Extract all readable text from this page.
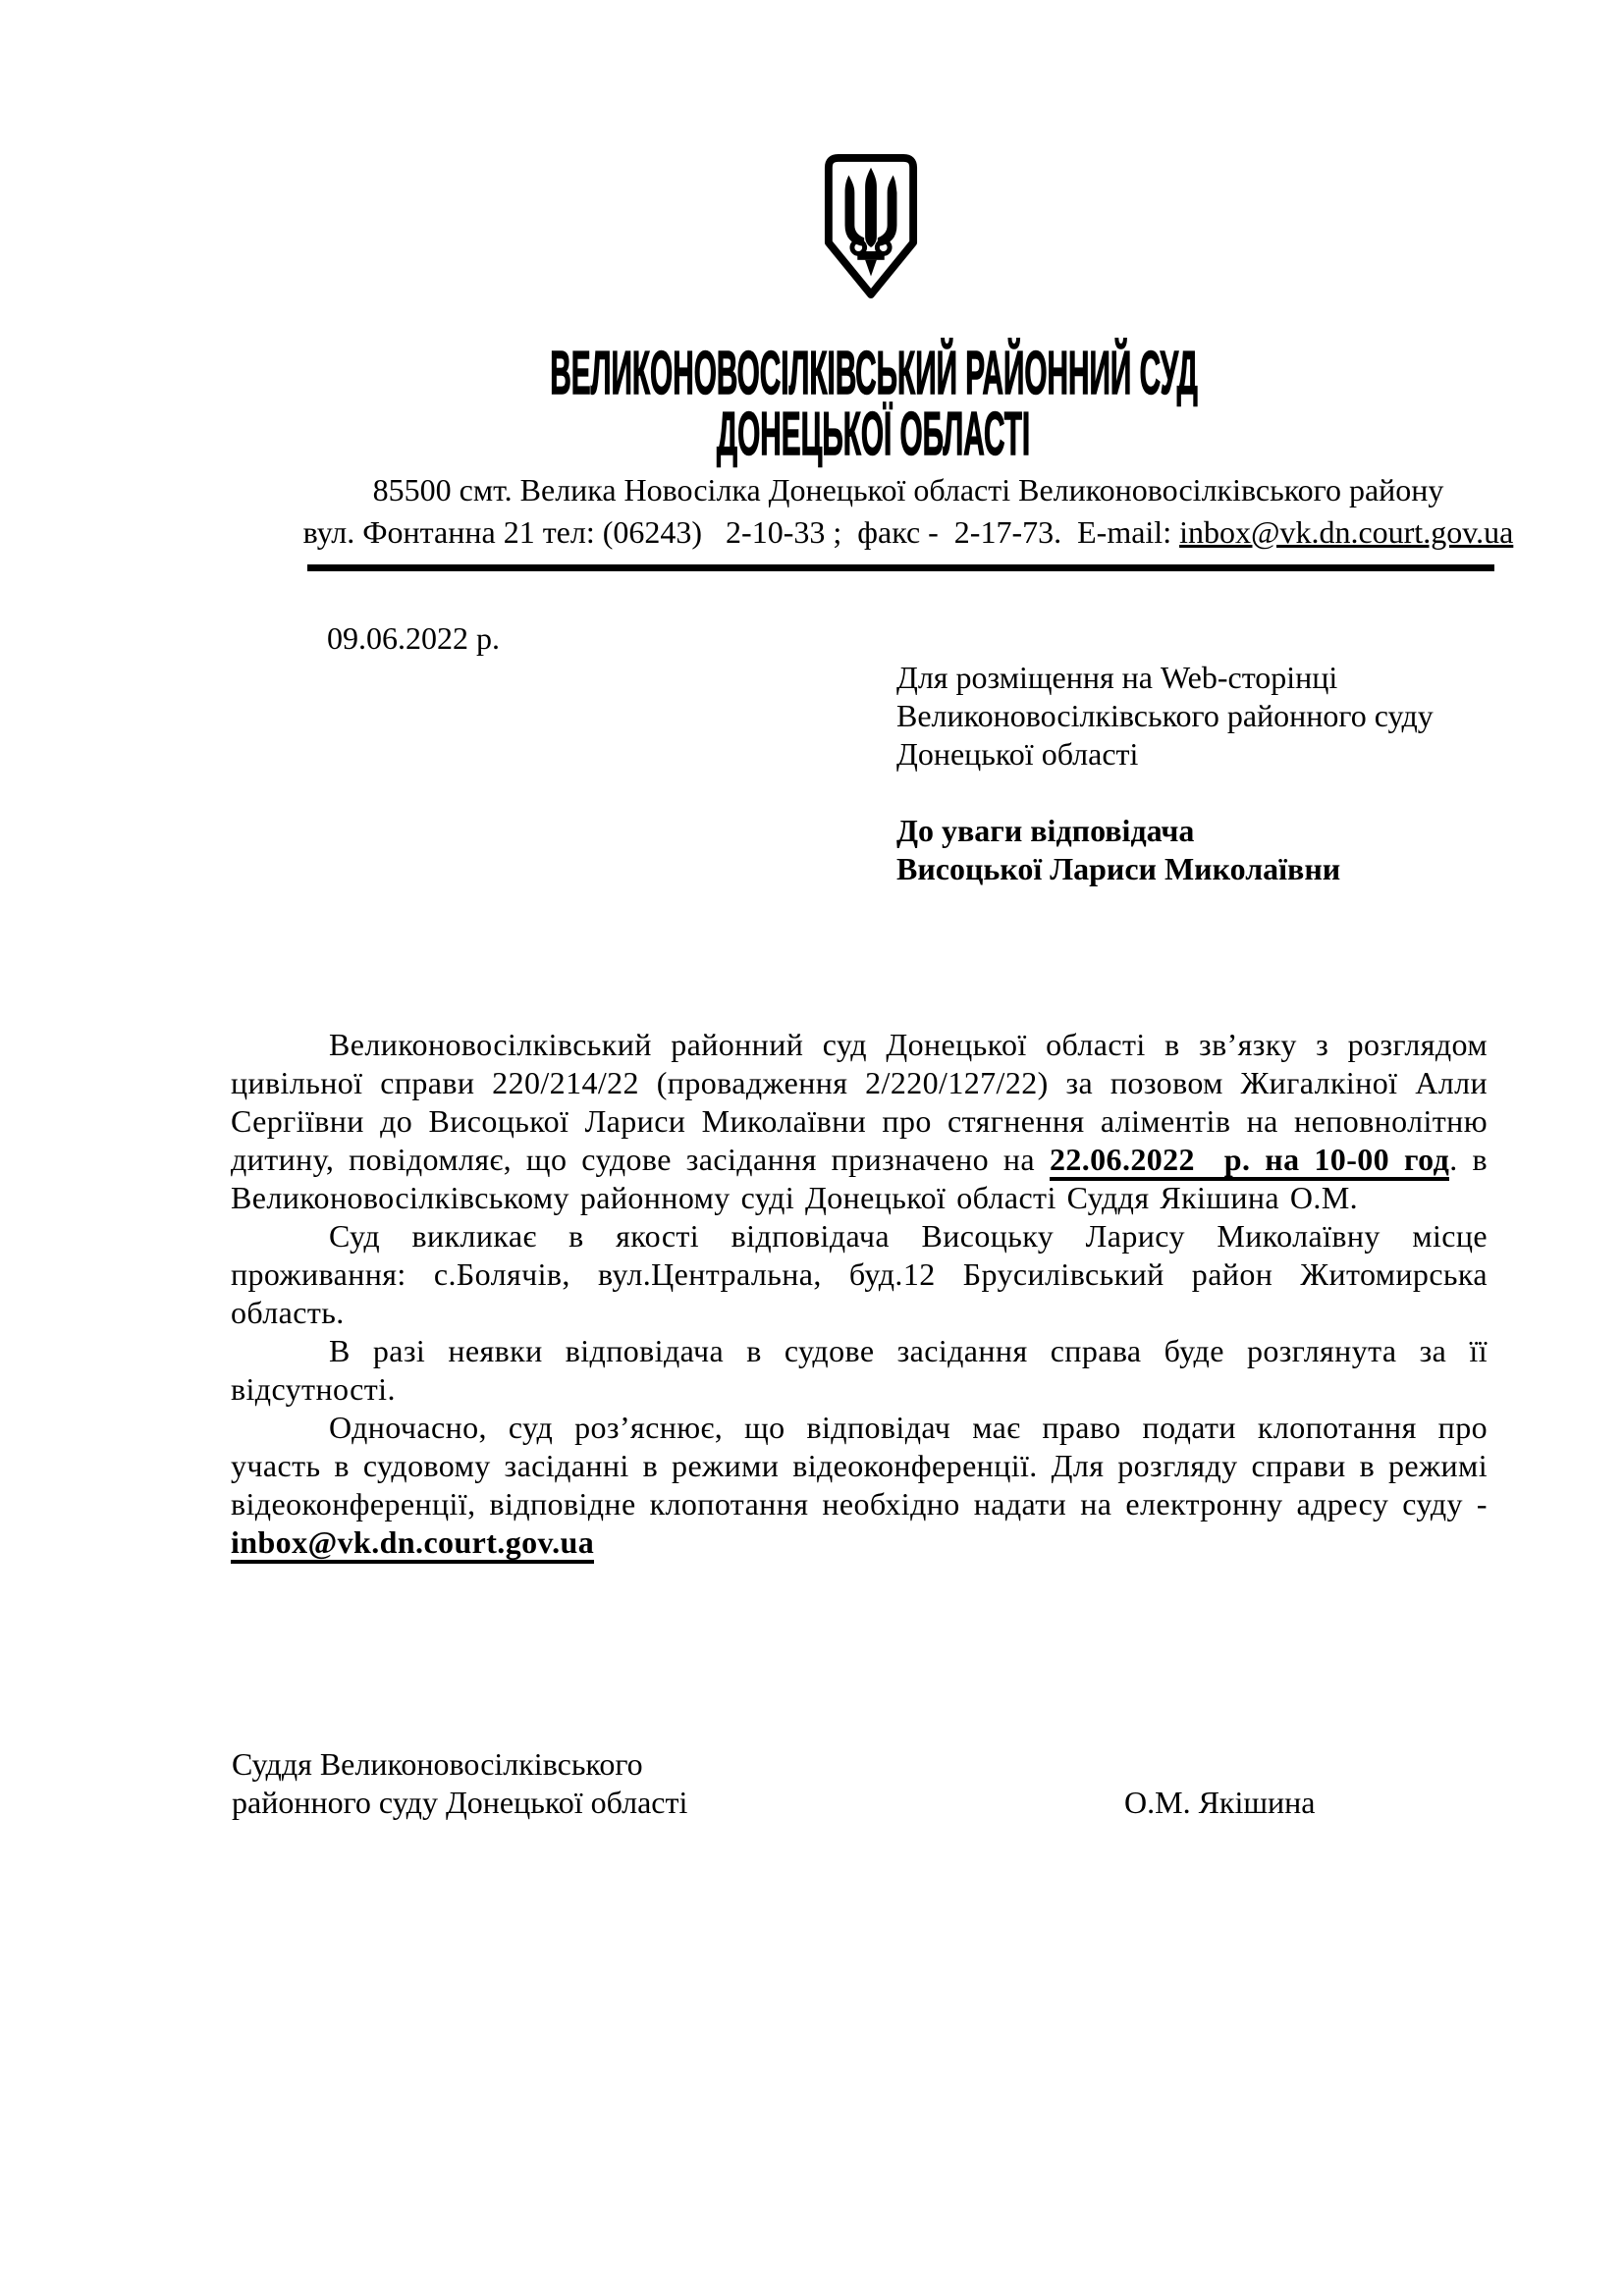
ВЕЛИКОНОВОСІЛКІВСЬКИЙ РАЙОННИЙ СУД
ДОНЕЦЬКОЇ ОБЛАСТІ
85500 смт. Велика Новосілка Донецької області Великоновосілківського району
вул. Фонтанна 21 тел: (06243)   2-10-33 ;  факс -  2-17-73.  E-mail: inbox@vk.dn.court.gov.ua
09.06.2022 р.
Для розміщення на Web-сторінці
Великоновосілківського районного суду
Донецької області
До уваги відповідача
Висоцької Лариси Миколаївни

Великоновосілківський районний суд Донецької області в зв’язку з розглядом цивільної справи 220/214/22 (провадження 2/220/127/22) за позовом Жигалкіної Алли Сергіївни до Висоцької Лариси Миколаївни про стягнення аліментів на неповнолітню дитину, повідомляє, що судове засідання призначено на 22.06.2022  р. на 10-00 год. в Великоновосілківському районному суді Донецької області Суддя Якішина О.М.

Суд викликає в якості відповідача Висоцьку Ларису Миколаївну місце проживання: с.Болячів, вул.Центральна, буд.12 Брусилівський район Житомирська область.

В разі неявки відповідача в судове засідання справа буде розглянута за її відсутності.

Одночасно, суд роз’яснює, що відповідач має право подати клопотання про участь в судовому засіданні в режими відеоконференції. Для розгляду справи в режимі відеоконференції, відповідне клопотання необхідно надати на електронну адресу суду - inbox@vk.dn.court.gov.ua

Суддя Великоновосілківського
районного суду Донецької області	О.М. Якішина
